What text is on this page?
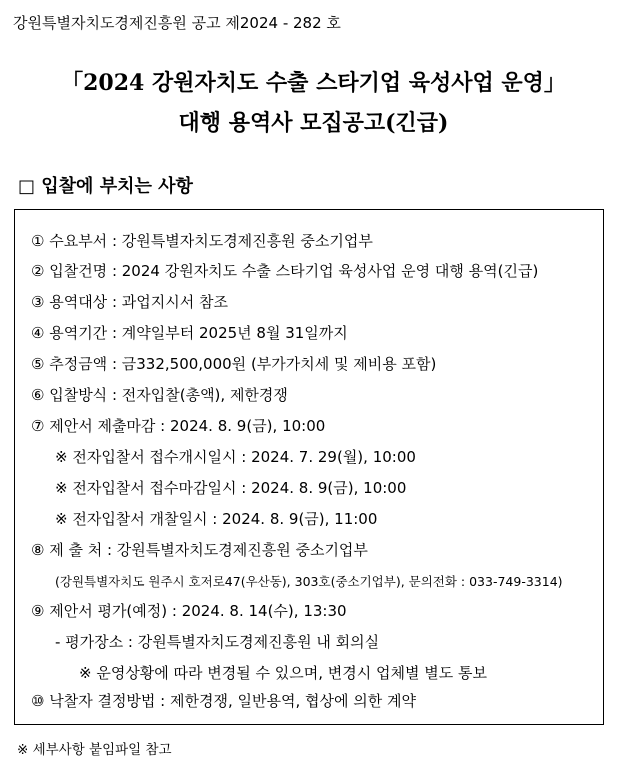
강원특별자치도경제진흥원 공고 제2024 - 282 호
「2024 강원자치도 수출 스타기업 육성사업 운영」
대행 용역사 모집공고(긴급)
□ 입찰에 부치는 사항
① 수요부서 : 강원특별자치도경제진흥원 중소기업부
② 입찰건명 : 2024 강원자치도 수출 스타기업 육성사업 운영 대행 용역(긴급)
③ 용역대상 : 과업지시서 참조
④ 용역기간 : 계약일부터 2025년 8월 31일까지
⑤ 추정금액 : 금332,500,000원 (부가가치세 및 제비용 포함)
⑥ 입찰방식 : 전자입찰(총액), 제한경쟁
⑦ 제안서 제출마감 : 2024. 8. 9(금), 10:00
※ 전자입찰서 접수개시일시 : 2024. 7. 29(월), 10:00
※ 전자입찰서 접수마감일시 : 2024. 8. 9(금), 10:00
※ 전자입찰서 개찰일시 : 2024. 8. 9(금), 11:00
⑧ 제 출 처 : 강원특별자치도경제진흥원 중소기업부
(강원특별자치도 원주시 호저로47(우산동), 303호(중소기업부), 문의전화 : 033-749-3314)
⑨ 제안서 평가(예정) : 2024. 8. 14(수), 13:30
- 평가장소 : 강원특별자치도경제진흥원 내 회의실
※ 운영상황에 따라 변경될 수 있으며, 변경시 업체별 별도 통보
⑩ 낙찰자 결정방법 : 제한경쟁, 일반용역, 협상에 의한 계약
※ 세부사항 붙임파일 참고
